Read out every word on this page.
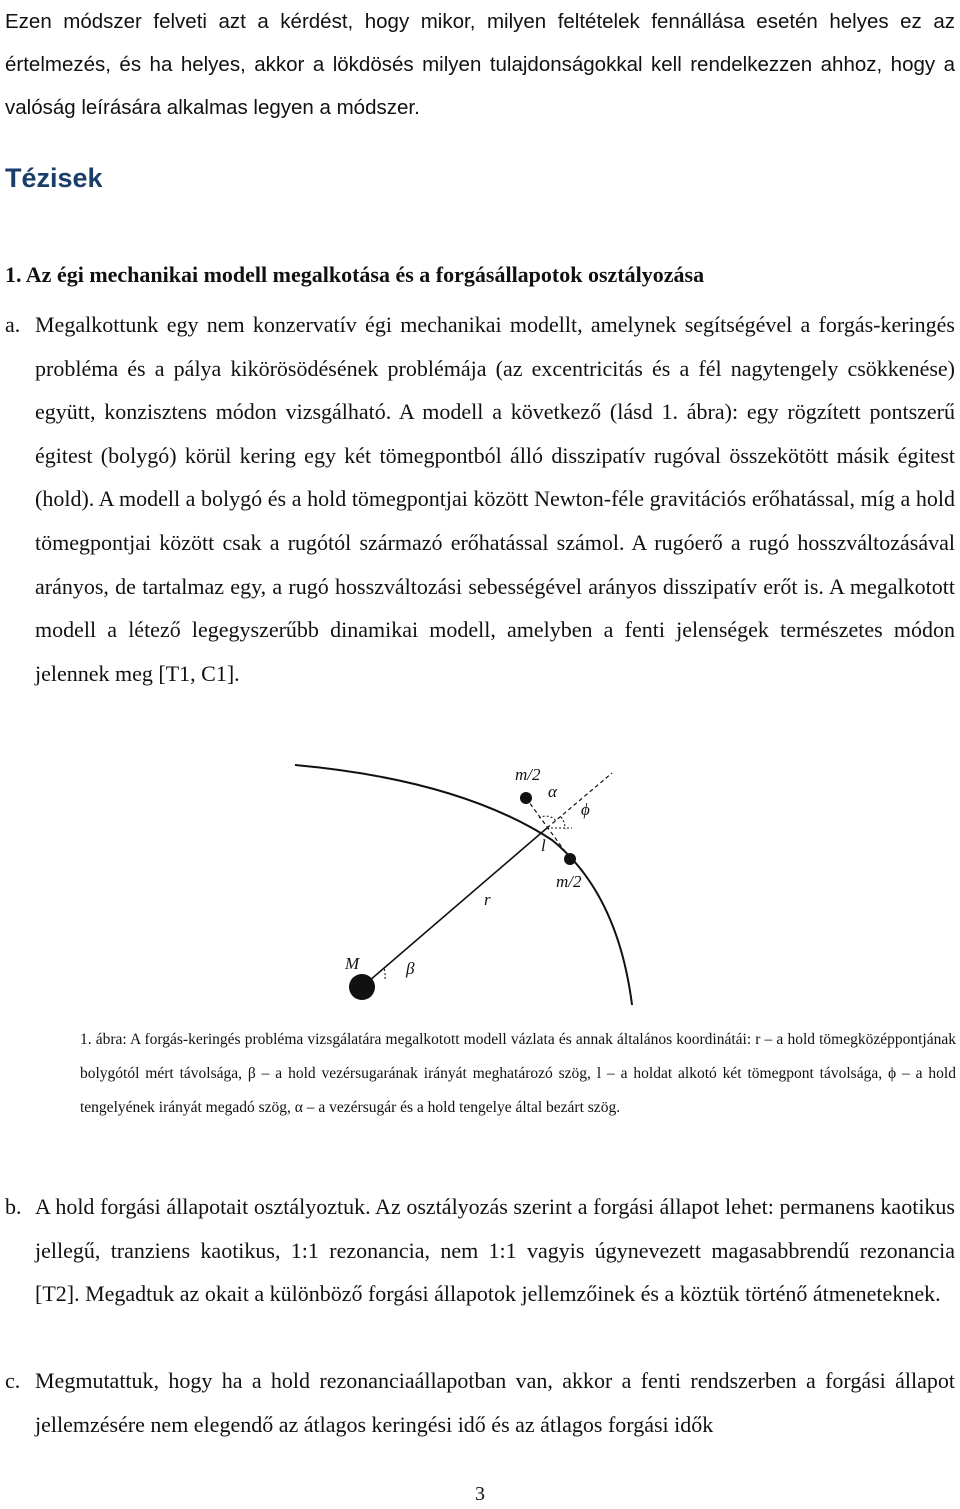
Ezen módszer felveti azt a kérdést, hogy mikor, milyen feltételek fennállása esetén helyes ez az értelmezés, és ha helyes, akkor a lökdösés milyen tulajdonságokkal kell rendelkezzen ahhoz, hogy a valóság leírására alkalmas legyen a módszer.

Tézisek
1. Az égi mechanikai modell megalkotása és a forgásállapotok osztályozása
a. Megalkottunk egy nem konzervatív égi mechanikai modellt, amelynek segítségével a forgás-keringés probléma és a pálya kikörösödésének problémája (az excentricitás és a fél nagytengely csökkenése) együtt, konzisztens módon vizsgálható. A modell a következő (lásd 1. ábra): egy rögzített pontszerű égitest (bolygó) körül kering egy két tömegpontból álló disszipatív rugóval összekötött másik égitest (hold). A modell a bolygó és a hold tömegpontjai között Newton-féle gravitációs erőhatással, míg a hold tömegpontjai között csak a rugótól származó erőhatással számol. A rugóerő a rugó hosszváltozásával arányos, de tartalmaz egy, a rugó hosszváltozási sebességével arányos disszipatív erőt is. A megalkotott modell a létező legegyszerűbb dinamikai modell, amelyben a fenti jelenségek természetes módon jelennek meg [T1, C1].
m/2
α
ϕ
l
m/2
r
M	β

1. ábra: A forgás-keringés probléma vizsgálatára megalkotott modell vázlata és annak általános koordinátái: r – a hold tömegközéppontjának bolygótól mért távolsága, β – a hold vezérsugarának irányát meghatározó szög, l – a holdat alkotó két tömegpont távolsága, ϕ – a hold tengelyének irányát megadó szög, α – a vezérsugár és a hold tengelye által bezárt szög.

b. A hold forgási állapotait osztályoztuk. Az osztályozás szerint a forgási állapot lehet: permanens kaotikus jellegű, tranziens kaotikus, 1:1 rezonancia, nem 1:1 vagyis úgynevezett magasabbrendű rezonancia [T2]. Megadtuk az okait a különböző forgási állapotok jellemzőinek és a köztük történő átmeneteknek.
c. Megmutattuk, hogy ha a hold rezonanciaállapotban van, akkor a fenti rendszerben a forgási állapot jellemzésére nem elegendő az átlagos keringési idő és az átlagos forgási idők
3
